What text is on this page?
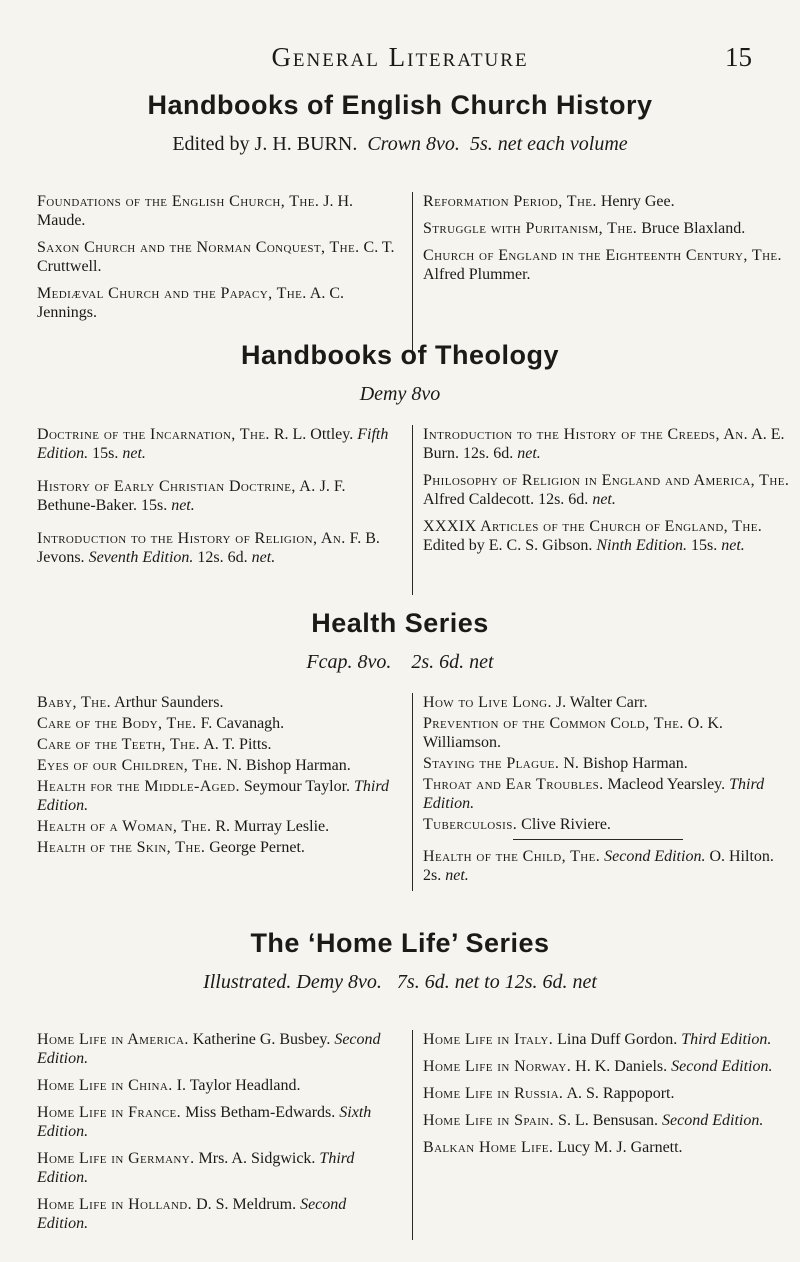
General Literature	15
Handbooks of English Church History
Edited by J. H. BURN. Crown 8vo. 5s. net each volume
Foundations of the English Church, The. J. H. Maude.
Saxon Church and the Norman Conquest, The. C. T. Cruttwell.
Mediæval Church and the Papacy, The. A. C. Jennings.
Reformation Period, The. Henry Gee.
Struggle with Puritanism, The. Bruce Blaxland.
Church of England in the Eighteenth Century, The. Alfred Plummer.
Handbooks of Theology
Demy 8vo
Doctrine of the Incarnation, The. R. L. Ottley. Fifth Edition. 15s. net.
History of Early Christian Doctrine, A. J. F. Bethune-Baker. 15s. net.
Introduction to the History of Religion, An. F. B. Jevons. Seventh Edition. 12s. 6d. net.
Introduction to the History of the Creeds, An. A. E. Burn. 12s. 6d. net.
Philosophy of Religion in England and America, The. Alfred Caldecott. 12s. 6d. net.
XXXIX Articles of the Church of England, The. Edited by E. C. S. Gibson. Ninth Edition. 15s. net.
Health Series
Fcap. 8vo. 2s. 6d. net
Baby, The. Arthur Saunders.
Care of the Body, The. F. Cavanagh.
Care of the Teeth, The. A. T. Pitts.
Eyes of our Children, The. N. Bishop Harman.
Health for the Middle-Aged. Seymour Taylor. Third Edition.
Health of a Woman, The. R. Murray Leslie.
Health of the Skin, The. George Pernet.
How to Live Long. J. Walter Carr.
Prevention of the Common Cold, The. O. K. Williamson.
Staying the Plague. N. Bishop Harman.
Throat and Ear Troubles. Macleod Yearsley. Third Edition.
Tuberculosis. Clive Riviere.
Health of the Child, The. Second Edition. O. Hilton. 2s. net.
The ‘Home Life’ Series
Illustrated. Demy 8vo. 7s. 6d. net to 12s. 6d. net
Home Life in America. Katherine G. Busbey. Second Edition.
Home Life in China. I. Taylor Headland.
Home Life in France. Miss Betham-Edwards. Sixth Edition.
Home Life in Germany. Mrs. A. Sidgwick. Third Edition.
Home Life in Holland. D. S. Meldrum. Second Edition.
Home Life in Italy. Lina Duff Gordon. Third Edition.
Home Life in Norway. H. K. Daniels. Second Edition.
Home Life in Russia. A. S. Rappoport.
Home Life in Spain. S. L. Bensusan. Second Edition.
Balkan Home Life. Lucy M. J. Garnett.
